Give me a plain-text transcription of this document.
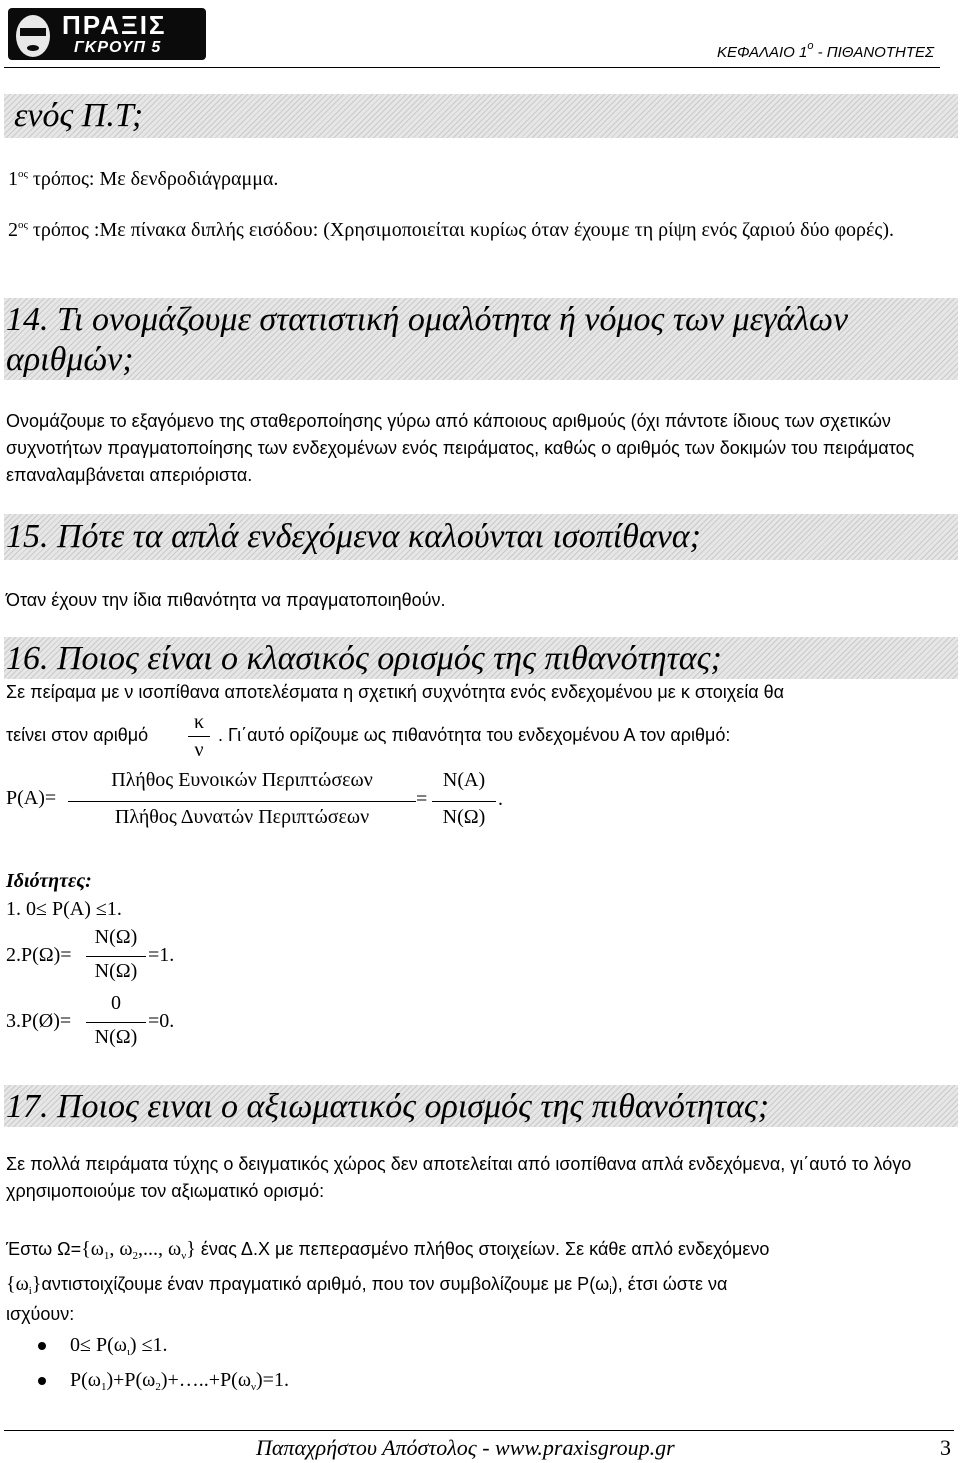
ΠΡΑΞΙΣ
ΓΚΡΟΥΠ 5	ΚΕΦΑΛΑΙΟ $1^o$ - ΠΙΘΑΝΟΤΗΤΕΣ
ενός Π.Τ;
$1^{o\varsigma}$ τρόπος: Με δενδροδιάγραμμα.
$2^{o\varsigma}$ τρόπος :Με πίνακα διπλής εισόδου: (Χρησιμοποιείται κυρίως όταν έχουμε τη ρίψη ενός ζαριού δύο φορές).
14. Τι ονομάζουμε στατιστική ομαλότητα ή νόμος των μεγάλων αριθμών;
Ονομάζουμε το εξαγόμενο της σταθεροποίησης γύρω από κάποιους αριθμούς (όχι πάντοτε ίδιους των σχετικών συχνοτήτων πραγματοποίησης των ενδεχομένων ενός πειράματος, καθώς ο αριθμός των δοκιμών του πειράματος επαναλαμβάνεται απεριόριστα.
15. Πότε τα απλά ενδεχόμενα καλούνται ισοπίθανα;
Όταν έχουν την ίδια πιθανότητα να πραγματοποιηθούν.
16. Ποιος είναι ο κλασικός ορισμός της πιθανότητας;
Σε πείραμα με ν ισοπίθανα αποτελέσματα η σχετική συχνότητα ενός ενδεχομένου με κ στοιχεία θα
τείνει στον αριθμό
κ
ν
. Γι΄αυτό ορίζουμε ως πιθανότητα του ενδεχομένου Α τον αριθμό:
P(A)=
Πλήθος Ευνοικών Περιπτώσεων
Πλήθος Δυνατών Περιπτώσεων
=
N(A)
N(Ω)
.
Ιδιότητες:
1. 0≤ P(A) ≤1.
2.P(Ω)=
N(Ω)
N(Ω)
=1.
3.P(Ø)=
0
N(Ω)
=0.
17. Ποιος ειναι ο αξιωματικός ορισμός της πιθανότητας;
Σε πολλά πειράματα τύχης ο δειγματικός χώρος δεν αποτελείται από ισοπίθανα απλά ενδεχόμενα, γι΄αυτό το λόγο χρησιμοποιούμε τον αξιωματικό ορισμό:
Έστω $\Omega=\{\omega_1$, $\omega_2$,..., $\omega_\nu$} ένας Δ.Χ με πεπερασμένο πλήθος στοιχείων. Σε κάθε απλό ενδεχόμενο
$\{\omega_i\}\alpha\nu\tau\iota\sigma\tau o\iota\chi ί\zeta o\upsilon\mu\varepsilon$ έναν πραγματικό αριθμό, που τον συμβολίζουμε με $P(\omega_i)$, έτσι ώστε να
ισχύουν:
$0\le P(\omega_\iota) \le 1$.
$P(\omega_1)+P(\omega_2)+\dots..+P(\omega_\nu)=1$.
Παπαχρήστου Απόστολος - www.praxisgroup.gr	3
